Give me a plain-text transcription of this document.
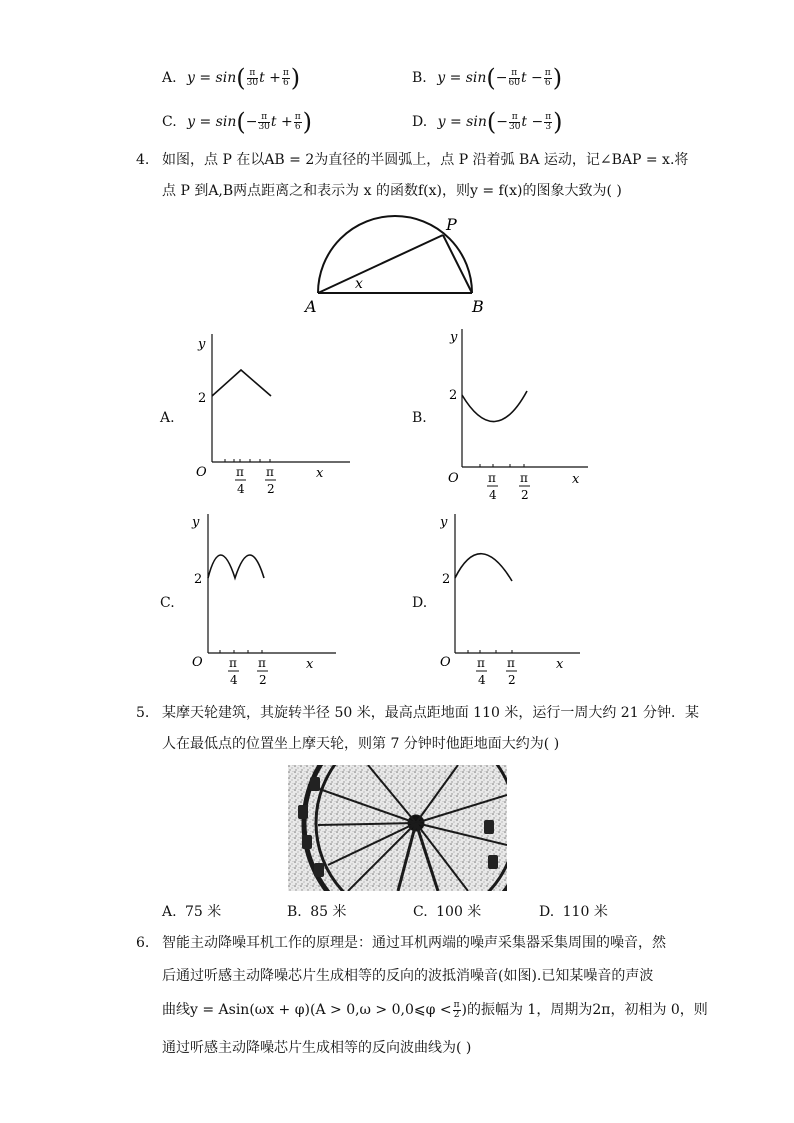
A. $y = \sin( \frac{\pi}{30}$ $t + \frac{\pi}{6}$ )	B. $y = \sin(- \frac{\pi}{60}$ $t - \frac{\pi}{6}$ )
C. $y = \sin(- \frac{\pi}{30}$ $t + \frac{\pi}{6}$ )	D. $y = \sin(- \frac{\pi}{30}$ $t - \frac{\pi}{3}$ )
4. 如图，点 P 在以AB = 2为直径的半圆弧上，点 P 沿着弧 BA 运动，记∠BAP = x.将
点 P 到A,B两点距离之和表示为 x 的函数f(x)，则y = f(x)的图象大致为( )
P
A	B
x
A.
y
x
O
2
π
4
π
2
B.
y
x
O
2
π
4
π
2
C.
y
x
O
2
π
4
π
2
D.
y
x
O
2
π
4
π
2
5. 某摩天轮建筑，其旋转半径 50 米，最高点距地面 110 米，运行一周大约 21 分钟．某
人在最低点的位置坐上摩天轮，则第 7 分钟时他距地面大约为( )
A. 75 米	B. 85 米	C. 100 米	D. 110 米
6. 智能主动降噪耳机工作的原理是：通过耳机两端的噪声采集器采集周围的噪音，然
后通过听感主动降噪芯片生成相等的反向的波抵消噪音(如图).已知某噪音的声波
曲线y = Asin(ωx + φ)(A > 0,ω > 0,0⩽φ < $\frac{\pi}{2}$ )的振幅为 1，周期为2π，初相为 0，则
通过听感主动降噪芯片生成相等的反向波曲线为( )
